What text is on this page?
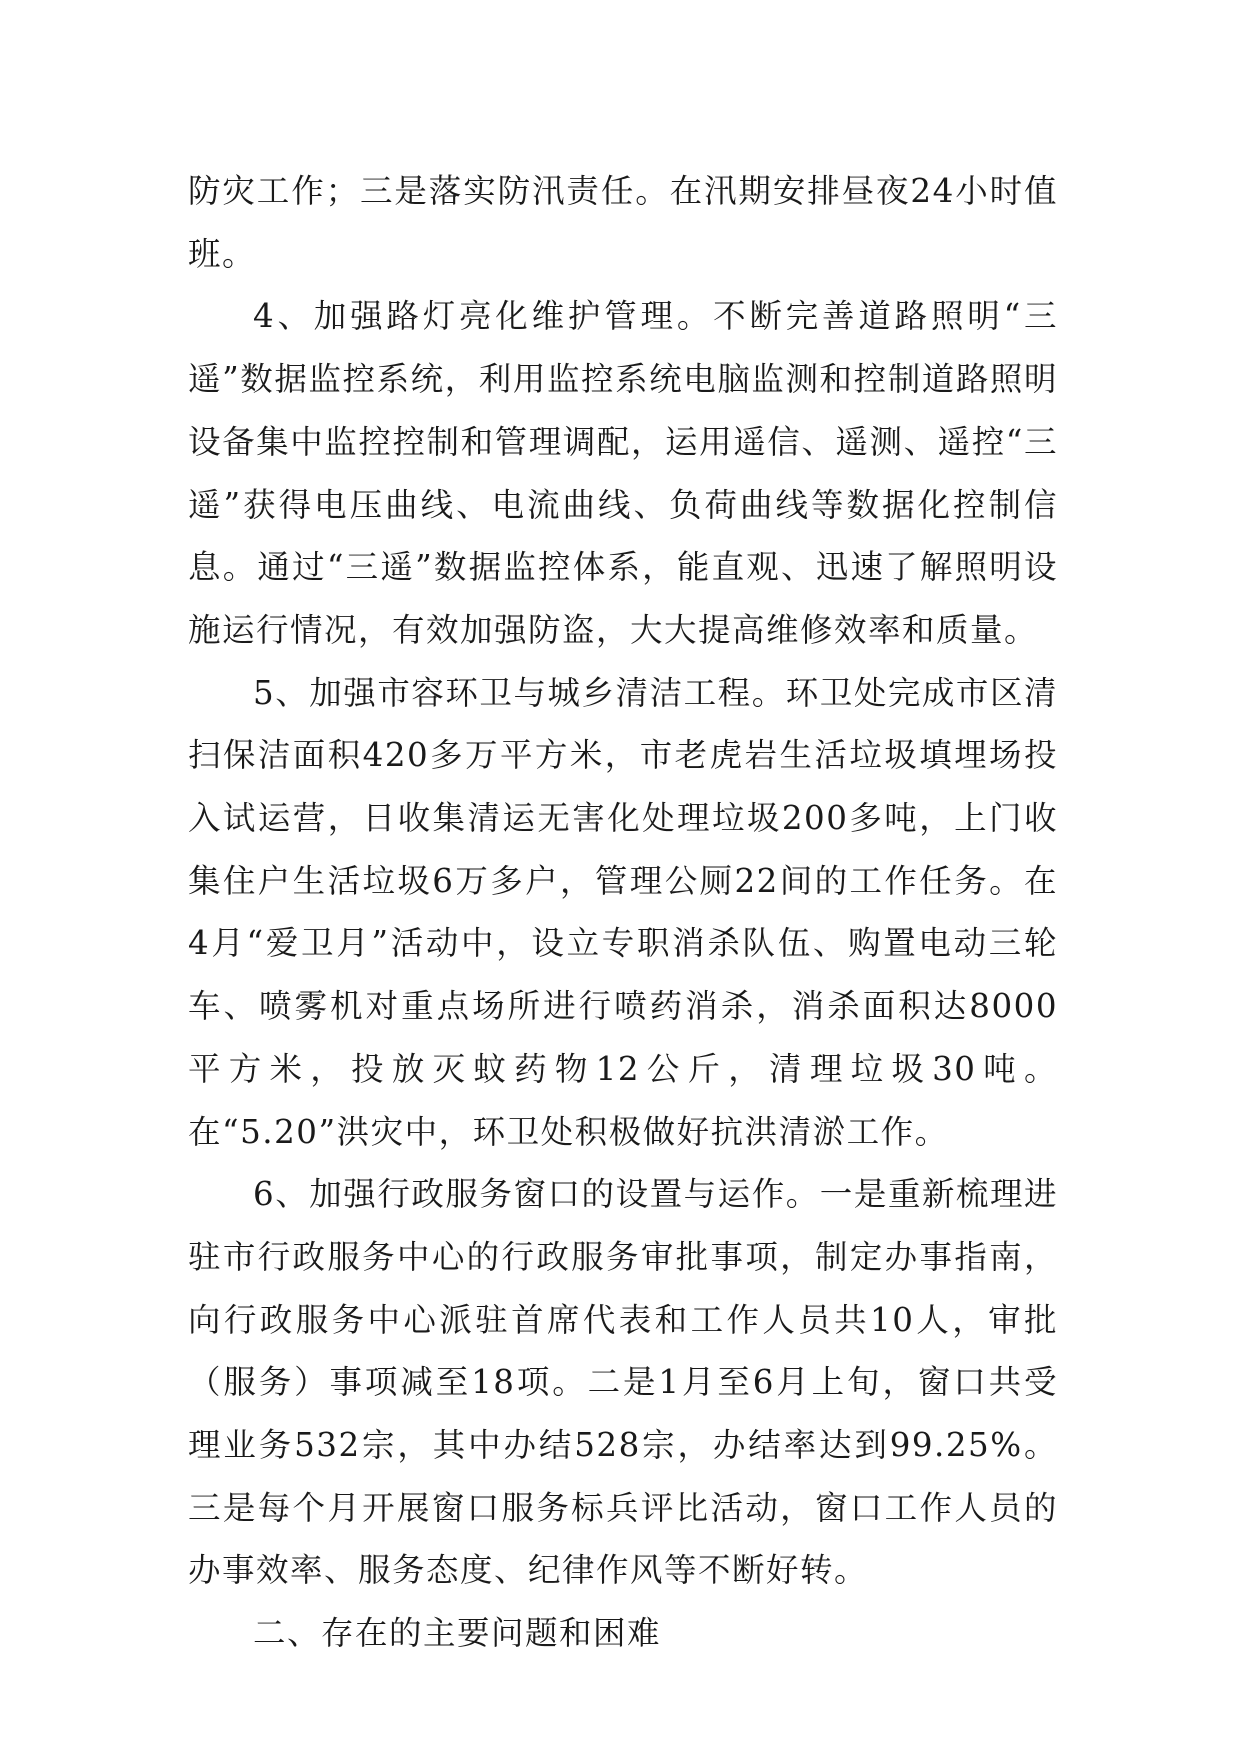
防灾工作；三是落实防汛责任。在汛期安排昼夜24小时值班。

4、加强路灯亮化维护管理。不断完善道路照明“三遥”数据监控系统，利用监控系统电脑监测和控制道路照明设备集中监控控制和管理调配，运用遥信、遥测、遥控“三遥”获得电压曲线、电流曲线、负荷曲线等数据化控制信息。通过“三遥”数据监控体系，能直观、迅速了解照明设施运行情况，有效加强防盗，大大提高维修效率和质量。

5、加强市容环卫与城乡清洁工程。环卫处完成市区清扫保洁面积420多万平方米，市老虎岩生活垃圾填埋场投入试运营，日收集清运无害化处理垃圾200多吨，上门收集住户生活垃圾6万多户，管理公厕22间的工作任务。在4月“爱卫月”活动中，设立专职消杀队伍、购置电动三轮车、喷雾机对重点场所进行喷药消杀，消杀面积达8000平方米，投放灭蚊药物12公斤，清理垃圾30吨。在“5.20”洪灾中，环卫处积极做好抗洪清淤工作。

6、加强行政服务窗口的设置与运作。一是重新梳理进驻市行政服务中心的行政服务审批事项，制定办事指南，向行政服务中心派驻首席代表和工作人员共10人，审批（服务）事项减至18项。二是1月至6月上旬，窗口共受理业务532宗，其中办结528宗，办结率达到99.25%。三是每个月开展窗口服务标兵评比活动，窗口工作人员的办事效率、服务态度、纪律作风等不断好转。

二、存在的主要问题和困难
